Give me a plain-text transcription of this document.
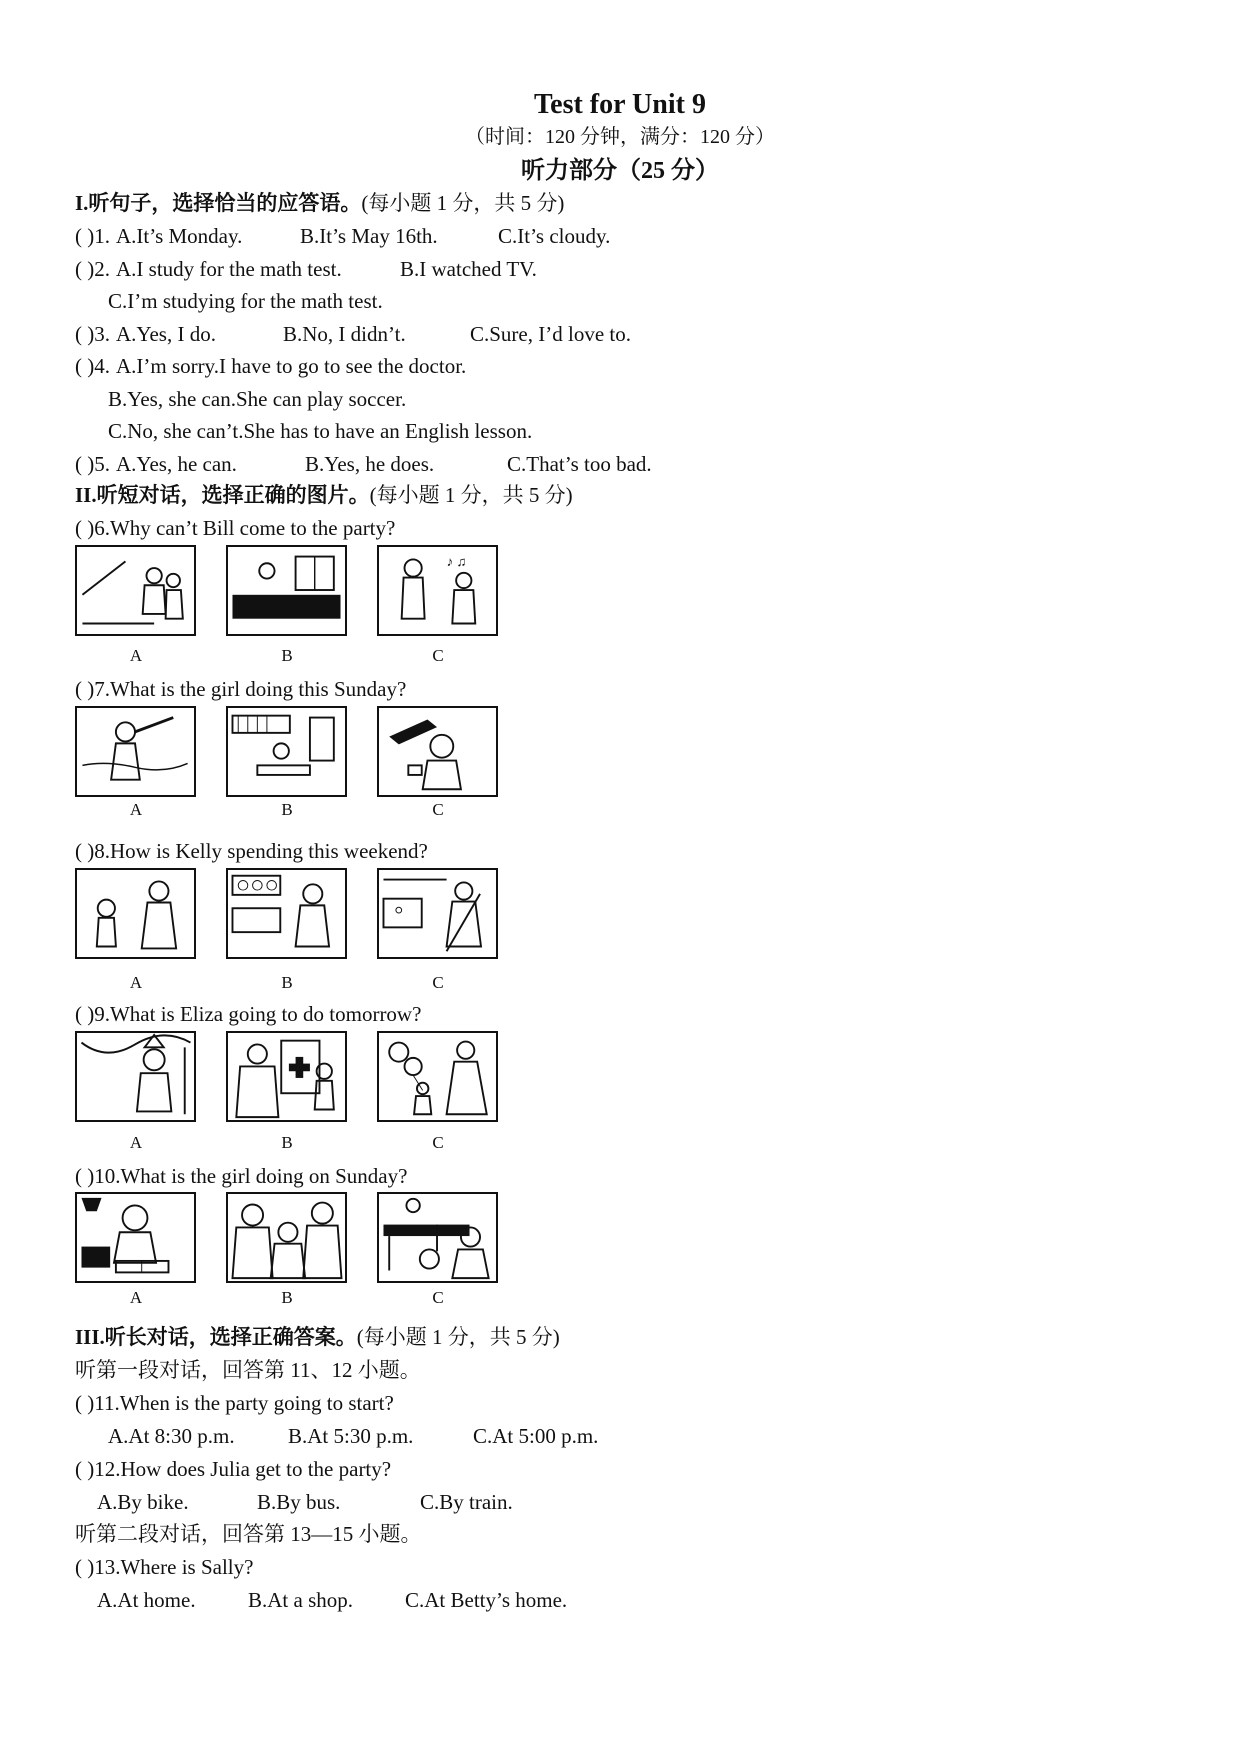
Test for Unit 9
（时间：120 分钟，满分：120 分）
听力部分（25 分）
I.听句子，选择恰当的应答语。(每小题 1 分，共 5 分)
( )1. A.It’s Monday.	B.It’s May 16th.	C.It’s cloudy.
( )2. A.I study for the math test.	B.I watched TV.
C.I’m studying for the math test.
( )3. A.Yes, I do.	B.No, I didn’t.	C.Sure, I’d love to.
( )4. A.I’m sorry.I have to go to see the doctor.
B.Yes, she can.She can play soccer.
C.No, she can’t.She has to have an English lesson.
( )5. A.Yes, he can.	B.Yes, he does.	C.That’s too bad.
II.听短对话，选择正确的图片。(每小题 1 分，共 5 分)
( )6.Why can’t Bill come to the party?
♪ ♫
A	B	C
( )7.What is the girl doing this Sunday?
A	B	C
( )8.How is Kelly spending this weekend?
A	B	C
( )9.What is Eliza going to do tomorrow?
A	B	C
( )10.What is the girl doing on Sunday?
A	B	C
III.听长对话，选择正确答案。(每小题 1 分，共 5 分)
听第一段对话，回答第 11、12 小题。
( )11.When is the party going to start?
A.At 8:30 p.m.	B.At 5:30 p.m.	C.At 5:00 p.m.
( )12.How does Julia get to the party?
A.By bike.	B.By bus.	C.By train.
听第二段对话，回答第 13—15 小题。
( )13.Where is Sally?
A.At home. B.At a shop. C.At Betty’s home.
